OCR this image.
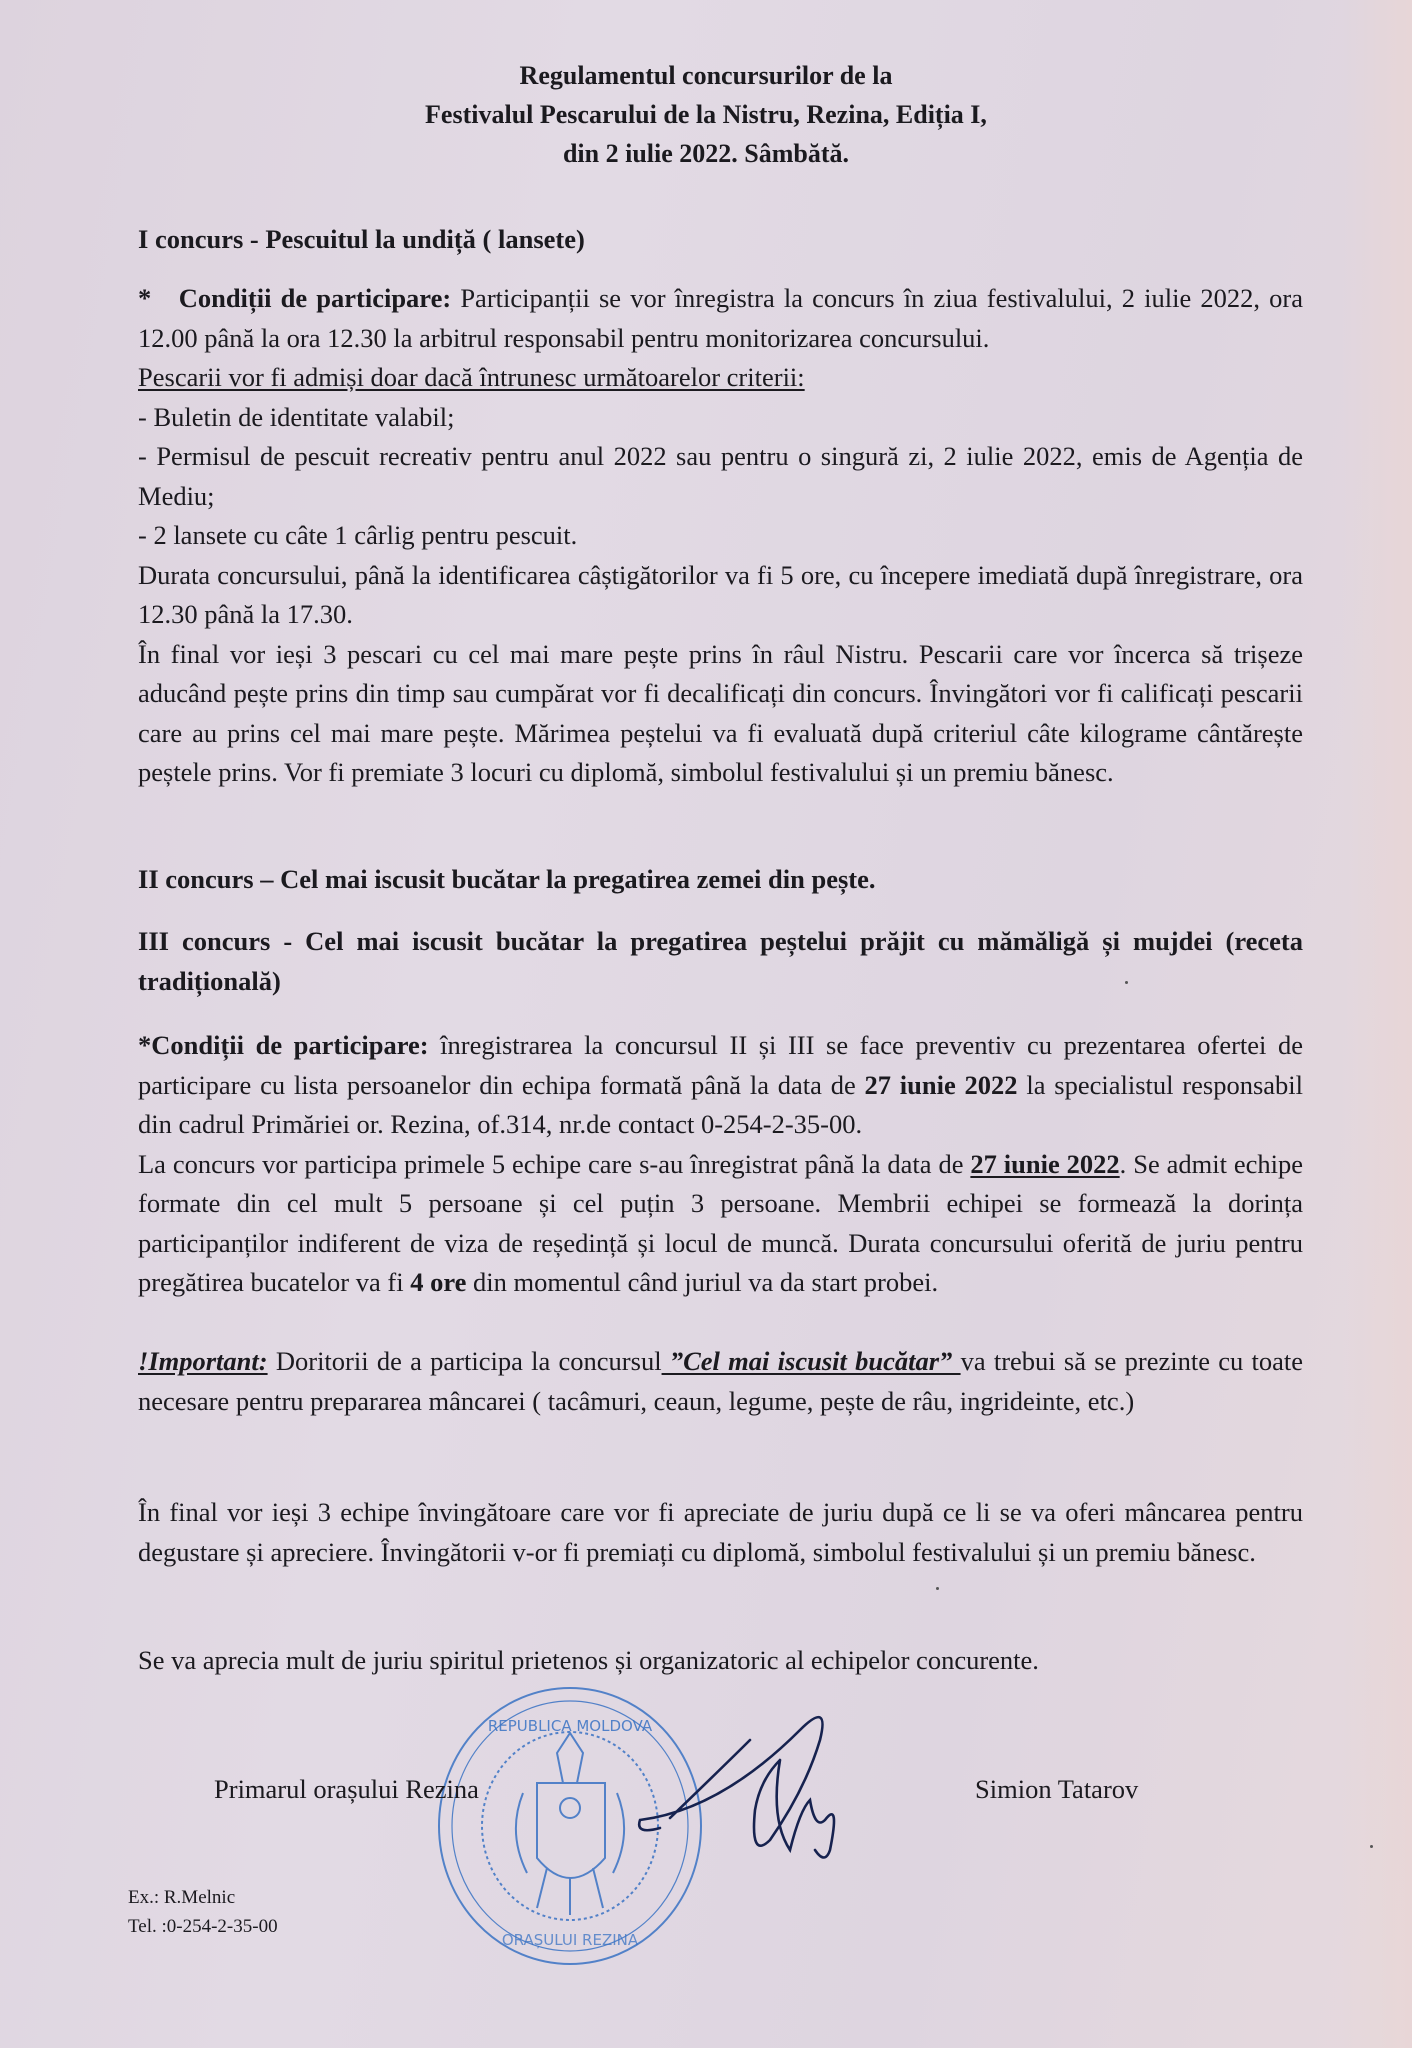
Regulamentul concursurilor de la
Festivalul Pescarului de la Nistru, Rezina, Ediția I,
din 2 iulie 2022. Sâmbătă.
I concurs - Pescuitul la undiță ( lansete)
* Condiții de participare: Participanții se vor înregistra la concurs în ziua festivalului, 2 iulie 2022, ora 12.00 până la ora 12.30 la arbitrul responsabil pentru monitorizarea concursului.
Pescarii vor fi admiși doar dacă întrunesc următoarelor criterii:
- Buletin de identitate valabil;
- Permisul de pescuit recreativ pentru anul 2022 sau pentru o singură zi, 2 iulie 2022, emis de Agenția de Mediu;
- 2 lansete cu câte 1 cârlig pentru pescuit.
Durata concursului, până la identificarea câștigătorilor va fi 5 ore, cu începere imediată după înregistrare, ora 12.30 până la 17.30.
În final vor ieși 3 pescari cu cel mai mare pește prins în râul Nistru. Pescarii care vor încerca să trișeze aducând pește prins din timp sau cumpărat vor fi decalificați din concurs. Învingători vor fi calificați pescarii care au prins cel mai mare pește. Mărimea peștelui va fi evaluată după criteriul câte kilograme cântărește peștele prins. Vor fi premiate 3 locuri cu diplomă, simbolul festivalului și un premiu bănesc.
II concurs – Cel mai iscusit bucătar la pregatirea zemei din pește.
III concurs - Cel mai iscusit bucătar la pregatirea peștelui prăjit cu mămăligă și mujdei (receta tradițională)
*Condiții de participare: înregistrarea la concursul II și III se face preventiv cu prezentarea ofertei de participare cu lista persoanelor din echipa formată până la data de 27 iunie 2022 la specialistul responsabil din cadrul Primăriei or. Rezina, of.314, nr.de contact 0-254-2-35-00.
La concurs vor participa primele 5 echipe care s-au înregistrat până la data de 27 iunie 2022. Se admit echipe formate din cel mult 5 persoane și cel puțin 3 persoane. Membrii echipei se formează la dorința participanților indiferent de viza de reședință și locul de muncă. Durata concursului oferită de juriu pentru pregătirea bucatelor va fi 4 ore din momentul când juriul va da start probei.
!Important: Doritorii de a participa la concursul ”Cel mai iscusit bucătar” va trebui să se prezinte cu toate necesare pentru prepararea mâncarei ( tacâmuri, ceaun, legume, pește de râu, ingrideinte, etc.)
În final vor ieși 3 echipe învingătoare care vor fi apreciate de juriu după ce li se va oferi mâncarea pentru degustare și apreciere. Învingătorii v-or fi premiați cu diplomă, simbolul festivalului și un premiu bănesc.
Se va aprecia mult de juriu spiritul prietenos și organizatoric al echipelor concurente.
REPUBLICA MOLDOVA
ORAȘULUI REZINA
Primarul orașului Rezina	Simion Tatarov
Ex.: R.Melnic
Tel. :0-254-2-35-00
